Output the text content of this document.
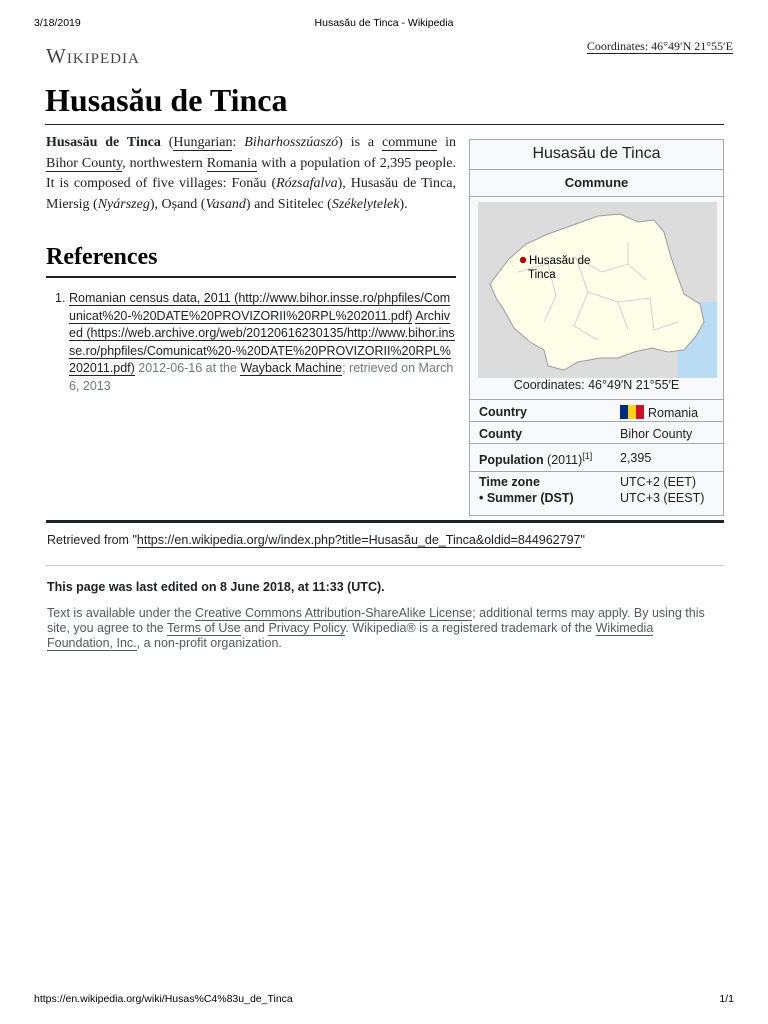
3/18/2019	Husasău de Tinca - Wikipedia
Wikipedia	Coordinates: 46°49′N 21°55′E
Husasău de Tinca

Husasău de Tinca (Hungarian: Biharhosszúaszó) is a commune in Bihor County, northwestern Romania with a population of 2,395 people. It is composed of five villages: Fonău (Rózsafalva), Husasău de Tinca, Miersig (Nyárszeg), Oșand (Vasand) and Sititelec (Székelytelek).

References
1. Romanian census data, 2011 (http://www.bihor.insse.ro/phpfiles/Comunicat%20-%20DATE%20PROVIZORII%20RPL%202011.pdf) Archived (https://web.archive.org/web/20120616230135/http://www.bihor.insse.ro/phpfiles/Comunicat%20-%20DATE%20PROVIZORII%20RPL%202011.pdf) 2012-06-16 at the Wayback Machine; retrieved on March 6, 2013
Husasău de Tinca
Commune
Husasău de Tinca
Coordinates: 46°49′N 21°55′E
Country	Romania
County	Bihor County
Population (2011)[1] 2,395
Time zone	UTC+2 (EET)
• Summer (DST)	UTC+3 (EEST)
Retrieved from "https://en.wikipedia.org/w/index.php?title=Husasău_de_Tinca&oldid=844962797"
This page was last edited on 8 June 2018, at 11:33 (UTC).
Text is available under the Creative Commons Attribution-ShareAlike License; additional terms may apply. By using this site, you agree to the Terms of Use and Privacy Policy. Wikipedia® is a registered trademark of the Wikimedia Foundation, Inc., a non-profit organization.
https://en.wikipedia.org/wiki/Husas%C4%83u_de_Tinca	1/1
